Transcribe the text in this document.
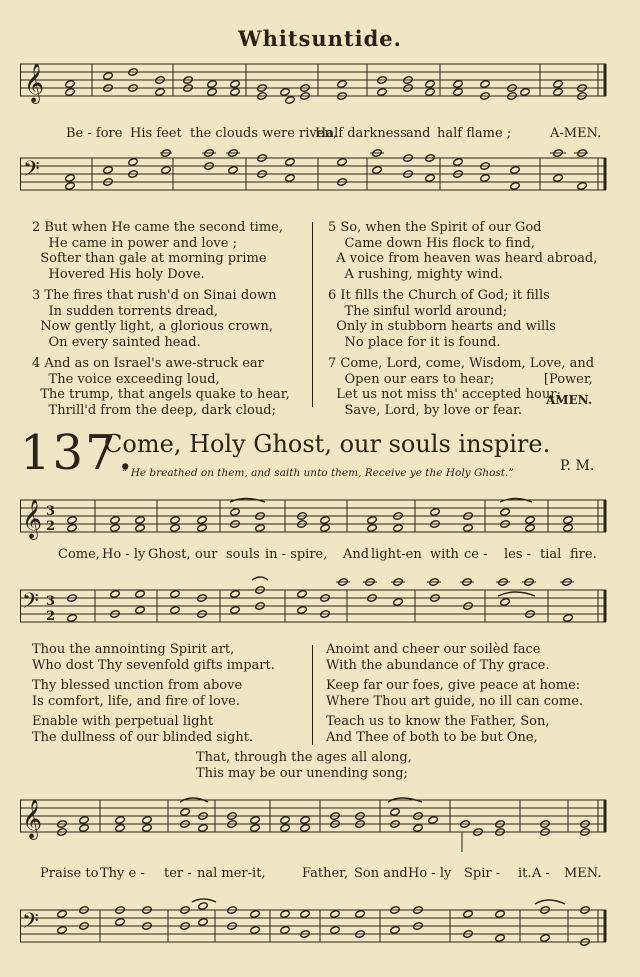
Whitsuntide.
𝄞
Be - fore His feet the clouds were riven,
Half darkness and half flame ;	A-MEN.
𝄢
2 But when He came the second time,
He came in power and love ;
Softer than gale at morning prime
Hovered His holy Dove.
3 The fires that rush'd on Sinai down
In sudden torrents dread,
Now gently light, a glorious crown,
On every sainted head.
4 And as on Israel's awe-struck ear
The voice exceeding loud,
The trump, that angels quake to hear,
Thrill'd from the deep, dark cloud;
5 So, when the Spirit of our God
Came down His flock to find,
A voice from heaven was heard abroad,
A rushing, mighty wind.
6 It fills the Church of God; it fills
The sinful world around;
Only in stubborn hearts and wills
No place for it is found.
7 Come, Lord, come, Wisdom, Love, and
Open our ears to hear;            [Power,
Let us not miss th' accepted hour;
Save, Lord, by love or fear.
AMEN.
137.
Come, Holy Ghost, our souls inspire.
“ He breathed on them, and saith unto them, Receive ye the Holy Ghost.”	P. M.
𝄞 3
2
Come, Ho - ly Ghost, our souls in - spire, And light-en with ce - les - tial fire.
𝄢 3
2
Thou the annointing Spirit art,
Who dost Thy sevenfold gifts impart.
Thy blessed unction from above
Is comfort, life, and fire of love.
Enable with perpetual light
The dullness of our blinded sight.
Anoint and cheer our soilèd face
With the abundance of Thy grace.
Keep far our foes, give peace at home:
Where Thou art guide, no ill can come.
Teach us to know the Father, Son,
And Thee of both to be but One,
That, through the ages all along,
This may be our unending song;
𝄞
Praise to Thy e - ter - nal mer-it,	Father, Son and Ho - ly Spir - it. A - MEN.
𝄢
